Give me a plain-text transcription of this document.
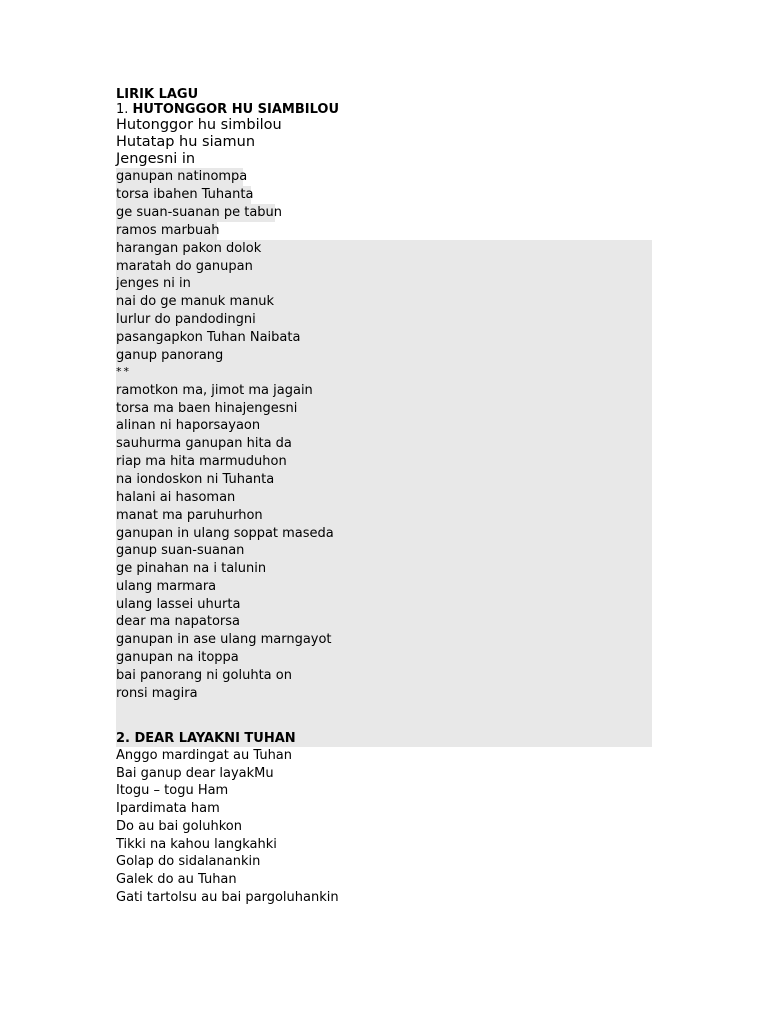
LIRIK LAGU
1. HUTONGGOR HU SIAMBILOU
Hutonggor hu simbilou
Hutatap hu siamun
Jengesni in
ganupan natinompa
torsa ibahen Tuhanta
ge suan-suanan pe tabun
ramos marbuah
harangan pakon dolok
maratah do ganupan
jenges ni in
nai do ge manuk manuk
lurlur do pandodingni
pasangapkon Tuhan Naibata
ganup panorang
**
ramotkon ma, jimot ma jagain
torsa ma baen hinajengesni
alinan ni haporsayaon
sauhurma ganupan hita da
riap ma hita marmuduhon
na iondoskon ni Tuhanta
halani ai hasoman
manat ma paruhurhon
ganupan in ulang soppat maseda
ganup suan-suanan
ge pinahan na i talunin
ulang marmara
ulang lassei uhurta
dear ma napatorsa
ganupan in ase ulang marngayot
ganupan na itoppa
bai panorang ni goluhta on
ronsi magira
2. DEAR LAYAKNI TUHAN
Anggo mardingat au Tuhan
Bai ganup dear layakMu
Itogu – togu Ham
Ipardimata ham
Do au bai goluhkon
Tikki na kahou langkahki
Golap do sidalanankin
Galek do au Tuhan
Gati tartolsu au bai pargoluhankin
